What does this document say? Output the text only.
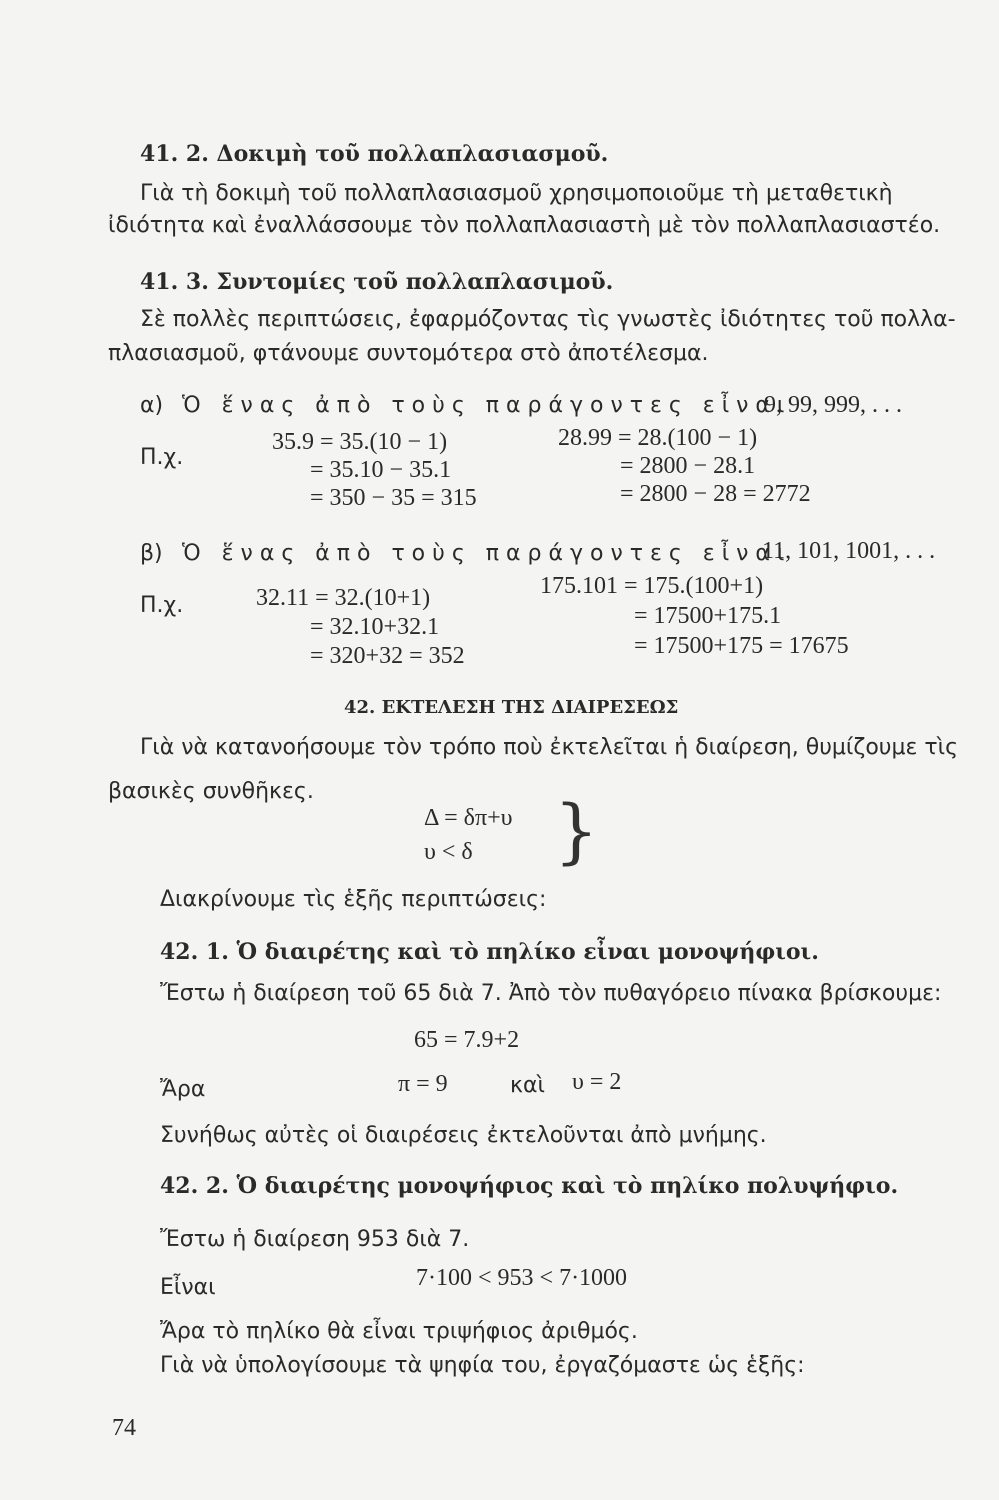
41. 2. Δοκιμὴ τοῦ πολλαπλασιασμοῦ.
Γιὰ τὴ δοκιμὴ τοῦ πολλαπλασιασμοῦ χρησιμοποιοῦμε τὴ μεταθετικὴ
ἰδιότητα καὶ ἐναλλάσσουμε τὸν πολλαπλασιαστὴ μὲ τὸν πολλαπλασιαστέο.
41. 3. Συντομίες τοῦ πολλαπλασιμοῦ.
Σὲ πολλὲς περιπτώσεις, ἐφαρμόζοντας τὶς γνωστὲς ἰδιότητες τοῦ πολλα-
πλασιασμοῦ, φτάνουμε συντομότερα στὸ ἀποτέλεσμα.
α) Ὁ ἕνας ἀπὸ τοὺς παράγοντες εἶναι
9, 99, 999, . . .
Π.χ.
35.9 = 35.(10 − 1)
= 35.10 − 35.1
= 350 − 35 = 315
28.99 = 28.(100 − 1)
= 2800 − 28.1
= 2800 − 28 = 2772
β) Ὁ ἕνας ἀπὸ τοὺς παράγοντες εἶναι
11, 101, 1001, . . .
Π.χ.	32.11 = 32.(10+1)
= 32.10+32.1
= 320+32 = 352
175.101 = 175.(100+1)
= 17500+175.1
= 17500+175 = 17675
42. ΕΚΤΕΛΕΣΗ ΤΗΣ ΔΙΑΙΡΕΣΕΩΣ
Γιὰ νὰ κατανοήσουμε τὸν τρόπο ποὺ ἐκτελεῖται ἡ διαίρεση, θυμίζουμε τὶς
βασικὲς συνθῆκες.
Δ = δπ+υ
υ < δ }
Διακρίνουμε τὶς ἑξῆς περιπτώσεις:
42. 1. Ὁ διαιρέτης καὶ τὸ πηλίκο εἶναι μονοψήφιοι.
Ἔστω ἡ διαίρεση τοῦ 65 διὰ 7. Ἀπὸ τὸν πυθαγόρειο πίνακα βρίσκουμε:
65 = 7.9+2
Ἄρα	π = 9	καὶ υ = 2
Συνήθως αὐτὲς οἱ διαιρέσεις ἐκτελοῦνται ἀπὸ μνήμης.
42. 2. Ὁ διαιρέτης μονοψήφιος καὶ τὸ πηλίκο πολυψήφιο.
Ἔστω ἡ διαίρεση 953 διὰ 7.
Εἶναι	7·100 < 953 < 7·1000
Ἄρα τὸ πηλίκο θὰ εἶναι τριψήφιος ἀριθμός.
Γιὰ νὰ ὑπολογίσουμε τὰ ψηφία του, ἐργαζόμαστε ὡς ἑξῆς:
74
